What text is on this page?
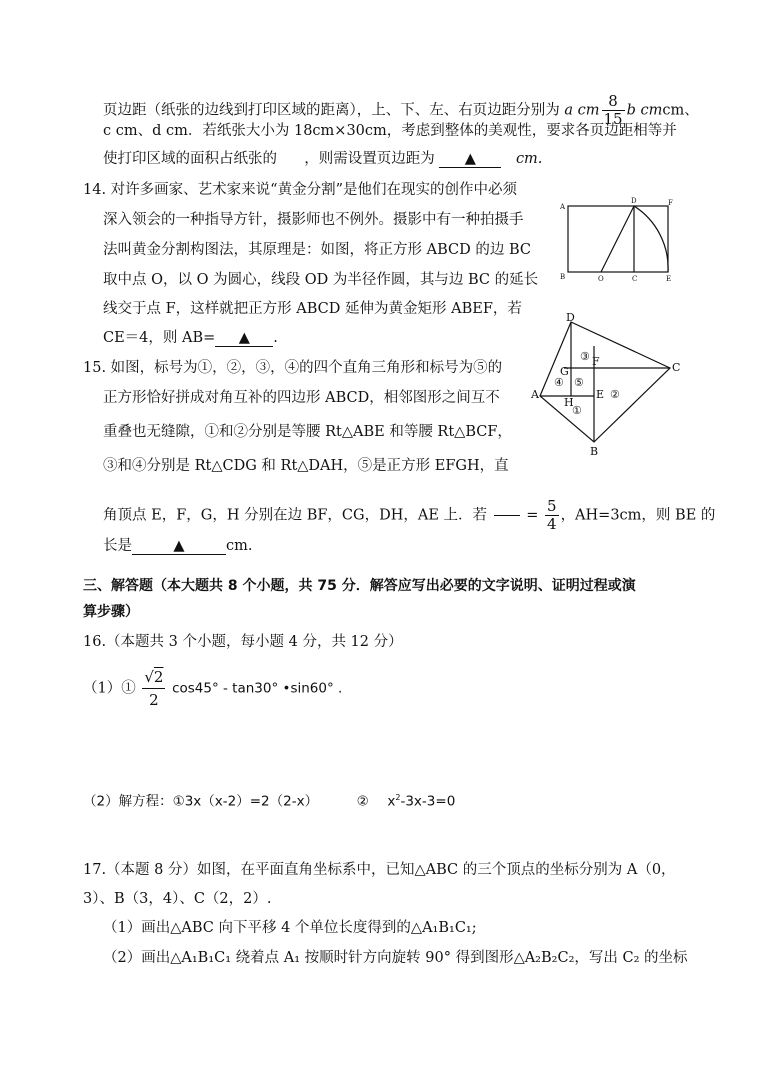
页边距（纸张的边线到打印区域的距离），上、下、左、右页边距分别为 a cm $\frac{8}{15}$ b cmcm、
c cm、d cm．若纸张大小为 18cm×30cm，考虑到整体的美观性，要求各页边距相等并
使打印区域的面积占纸张的 ，则需设置页边距为 ▲	cm.
14. 对许多画家、艺术家来说“黄金分割”是他们在现实的创作中必须
深入领会的一种指导方针，摄影师也不例外。摄影中有一种拍摄手
法叫黄金分割构图法，其原理是：如图，将正方形 ABCD 的边 BC
取中点 O，以 O 为圆心，线段 OD 为半径作圆，其与边 BC 的延长
线交于点 F，这样就把正方形 ABCD 延伸为黄金矩形 ABEF，若
CE＝4，则 AB= ▲ .
A
D	F
B	O	C	E
15. 如图，标号为①，②，③，④的四个直角三角形和标号为⑤的
正方形恰好拼成对角互补的四边形 ABCD，相邻图形之间互不
重叠也无缝隙，①和②分别是等腰 Rt△ABE 和等腰 Rt△BCF，
③和④分别是 Rt△CDG 和 Rt△DAH，⑤是正方形 EFGH，直
角顶点 E，F，G，H 分别在边 BF，CG，DH，AE 上．若	= $\frac{5}{4}$ ，AH=3cm，则 BE 的
长是	▲	cm.
D
C
A
B
E
F
G
H
③
④ ⑤
②
①
三、解答题（本大题共 8 个小题，共 75 分．解答应写出必要的文字说明、证明过程或演
算步骤）
16.（本题共 3 个小题，每小题 4 分，共 12 分）
（1）① $\frac{√2}{2} \cos 45^\circ - \tan 30^\circ$ •sin60° .
（2）解方程：①3x（x-2）=2（2-x）	② $x^2-3x-3=0$
17.（本题 8 分）如图，在平面直角坐标系中，已知△ABC 的三个顶点的坐标分别为 A（0，
3）、B（3，4）、C（2，2）.
（1）画出△ABC 向下平移 4 个单位长度得到的△A₁B₁C₁;
（2）画出△A₁B₁C₁ 绕着点 A₁ 按顺时针方向旋转 90° 得到图形△A₂B₂C₂，写出 C₂ 的坐标
